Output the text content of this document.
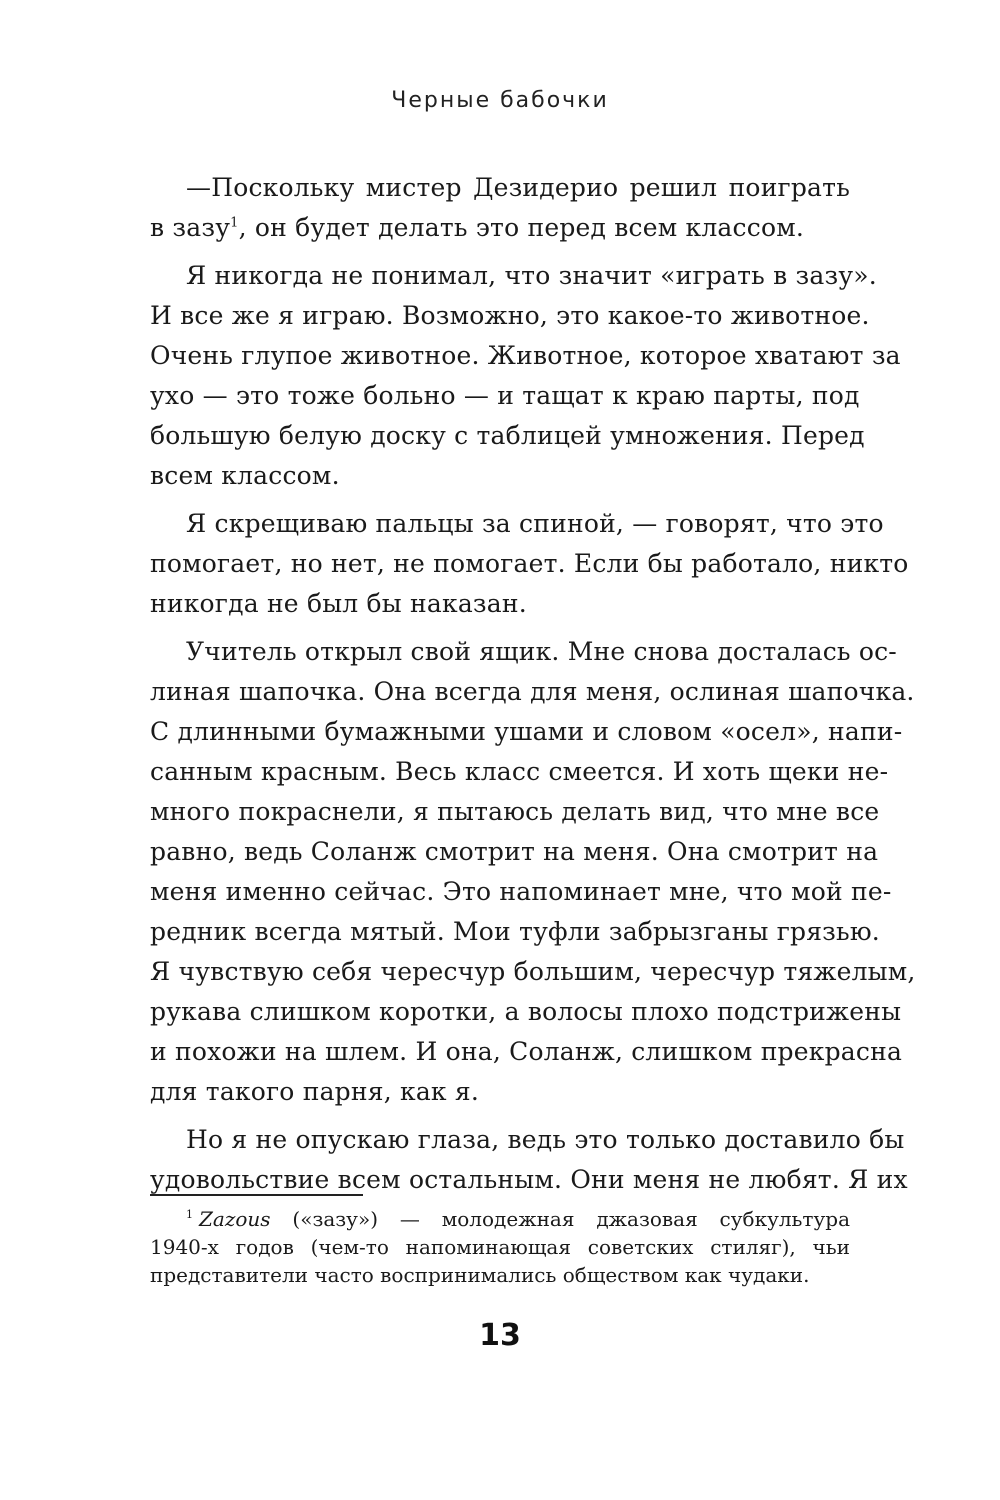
Черные бабочки

—Поскольку мистер Дезидерио решил поиграть
в зазу$^1$, он будет делать это перед всем классом.

Я никогда не понимал, что значит «играть в зазу».
И все же я играю. Возможно, это какое-то животное.
Очень глупое животное. Животное, которое хватают за
ухо — это тоже больно — и тащат к краю парты, под
большую белую доску с таблицей умножения. Перед
всем классом.

Я скрещиваю пальцы за спиной, — говорят, что это
помогает, но нет, не помогает. Если бы работало, никто
никогда не был бы наказан.

Учитель открыл свой ящик. Мне снова досталась ос-
линая шапочка. Она всегда для меня, ослиная шапочка.
С длинными бумажными ушами и словом «осел», напи-
санным красным. Весь класс смеется. И хоть щеки не-
много покраснели, я пытаюсь делать вид, что мне все
равно, ведь Соланж смотрит на меня. Она смотрит на
меня именно сейчас. Это напоминает мне, что мой пе-
редник всегда мятый. Мои туфли забрызганы грязью.
Я чувствую себя чересчур большим, чересчур тяжелым,
рукава слишком коротки, а волосы плохо подстрижены
и похожи на шлем. И она, Соланж, слишком прекрасна
для такого парня, как я.

Но я не опускаю глаза, ведь это только доставило бы
удовольствие всем остальным. Они меня не любят. Я их

$^1$ Zazous («зазу») — молодежная джазовая субкультура
1940-х годов (чем-то напоминающая советских стиляг), чьи
представители часто воспринимались обществом как чудаки.
13
